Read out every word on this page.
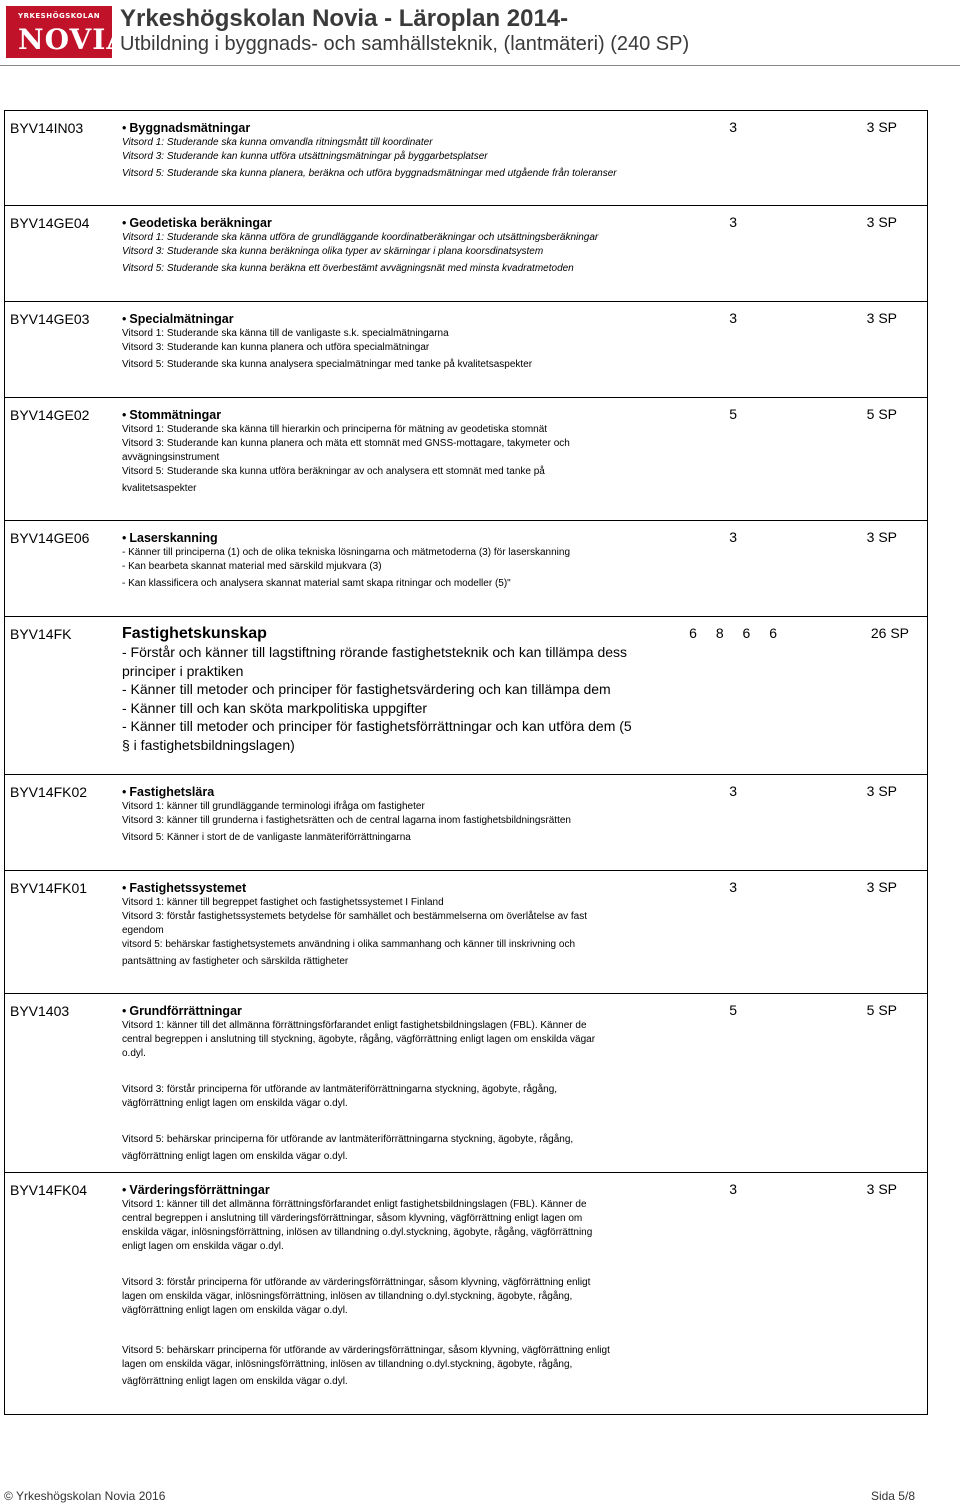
YRKESHÖGSKOLAN
NOVIA
Yrkeshögskolan Novia - Läroplan 2014-
Utbildning i byggnads- och samhällsteknik, (lantmäteri) (240 SP)
BYV14IN03	• Byggnadsmätningar
Vitsord 1: Studerande ska kunna omvandla ritningsmått till koordinater
Vitsord 3: Studerande kan kunna utföra utsättningsmätningar på byggarbetsplatser
Vitsord 5: Studerande ska kunna planera, beräkna och utföra byggnadsmätningar med utgående från toleranser
3	3 SP
BYV14GE04	• Geodetiska beräkningar
Vitsord 1: Studerande ska känna utföra de grundläggande koordinatberäkningar och utsättningsberäkningar
Vitsord 3: Studerande ska kunna beräkninga olika typer av skärningar i plana koorsdinatsystem
Vitsord 5: Studerande ska kunna beräkna ett överbestämt avvägningsnät med minsta kvadratmetoden
3	3 SP
BYV14GE03	• Specialmätningar
Vitsord 1: Studerande ska känna till de vanligaste s.k. specialmätningarna
Vitsord 3: Studerande kan kunna planera och utföra specialmätningar
Vitsord 5: Studerande ska kunna analysera specialmätningar med tanke på kvalitetsaspekter
3	3 SP
BYV14GE02	• Stommätningar
Vitsord 1: Studerande ska känna till hierarkin och principerna för mätning av geodetiska stomnät
Vitsord 3: Studerande kan kunna planera och mäta ett stomnät med GNSS-mottagare, takymeter och
avvägningsinstrument
Vitsord 5: Studerande ska kunna utföra beräkningar av och analysera ett stomnät med tanke på
kvalitetsaspekter
5	5 SP
BYV14GE06	• Laserskanning
- Känner till principerna (1) och de olika tekniska lösningarna och mätmetoderna (3) för laserskanning
- Kan bearbeta skannat material med särskild mjukvara (3)
- Kan klassificera och analysera skannat material samt skapa ritningar och modeller (5)"
3	3 SP
BYV14FK	Fastighetskunskap
- Förstår och känner till lagstiftning rörande fastighetsteknik och kan tillämpa dess
principer i praktiken
- Känner till metoder och principer för fastighetsvärdering och kan tillämpa dem
- Känner till och kan sköta markpolitiska uppgifter
- Känner till metoder och principer för fastighetsförrättningar och kan utföra dem (5
§ i fastighetsbildningslagen)
6 8 6 6	26 SP
BYV14FK02	• Fastighetslära
Vitsord 1: känner till grundläggande terminologi ifråga om fastigheter
Vitsord 3: känner till grunderna i fastighetsrätten och de central lagarna inom fastighetsbildningsrätten
Vitsord 5: Känner i stort de de vanligaste lanmäteriförrättningarna
3	3 SP
BYV14FK01	• Fastighetssystemet
Vitsord 1: känner till begreppet fastighet och fastighetssystemet I Finland
Vitsord 3: förstår fastighetssystemets betydelse för samhället och bestämmelserna om överlåtelse av fast
egendom
vitsord 5: behärskar fastighetsystemets användning i olika sammanhang och känner till inskrivning och
pantsättning av fastigheter och särskilda rättigheter
3	3 SP
BYV1403	• Grundförrättningar
Vitsord 1: känner till det allmänna förrättningsförfarandet enligt fastighetsbildningslagen (FBL). Känner de
central begreppen i anslutning till styckning, ägobyte, rågång, vägförrättning enligt lagen om enskilda vägar
o.dyl.
Vitsord 3: förstår principerna för utförande av lantmäteriförrättningarna styckning, ägobyte, rågång,
vägförrättning enligt lagen om enskilda vägar o.dyl.
Vitsord 5: behärskar principerna för utförande av lantmäteriförrättningarna styckning, ägobyte, rågång,
vägförrättning enligt lagen om enskilda vägar o.dyl.
5	5 SP
BYV14FK04	• Värderingsförrättningar
Vitsord 1: känner till det allmänna förrättningsförfarandet enligt fastighetsbildningslagen (FBL). Känner de
central begreppen i anslutning till värderingsförrättningar, såsom klyvning, vägförrättning enligt lagen om
enskilda vägar, inlösningsförrättning, inlösen av tillandning o.dyl.styckning, ägobyte, rågång, vägförrättning
enligt lagen om enskilda vägar o.dyl.
Vitsord 3: förstår principerna för utförande av värderingsförrättningar, såsom klyvning, vägförrättning enligt
lagen om enskilda vägar, inlösningsförrättning, inlösen av tillandning o.dyl.styckning, ägobyte, rågång,
vägförrättning enligt lagen om enskilda vägar o.dyl.
Vitsord 5: behärskarr principerna för utförande av värderingsförrättningar, såsom klyvning, vägförrättning enligt
lagen om enskilda vägar, inlösningsförrättning, inlösen av tillandning o.dyl.styckning, ägobyte, rågång,
vägförrättning enligt lagen om enskilda vägar o.dyl.
3	3 SP
© Yrkeshögskolan Novia 2016	Sida 5/8
